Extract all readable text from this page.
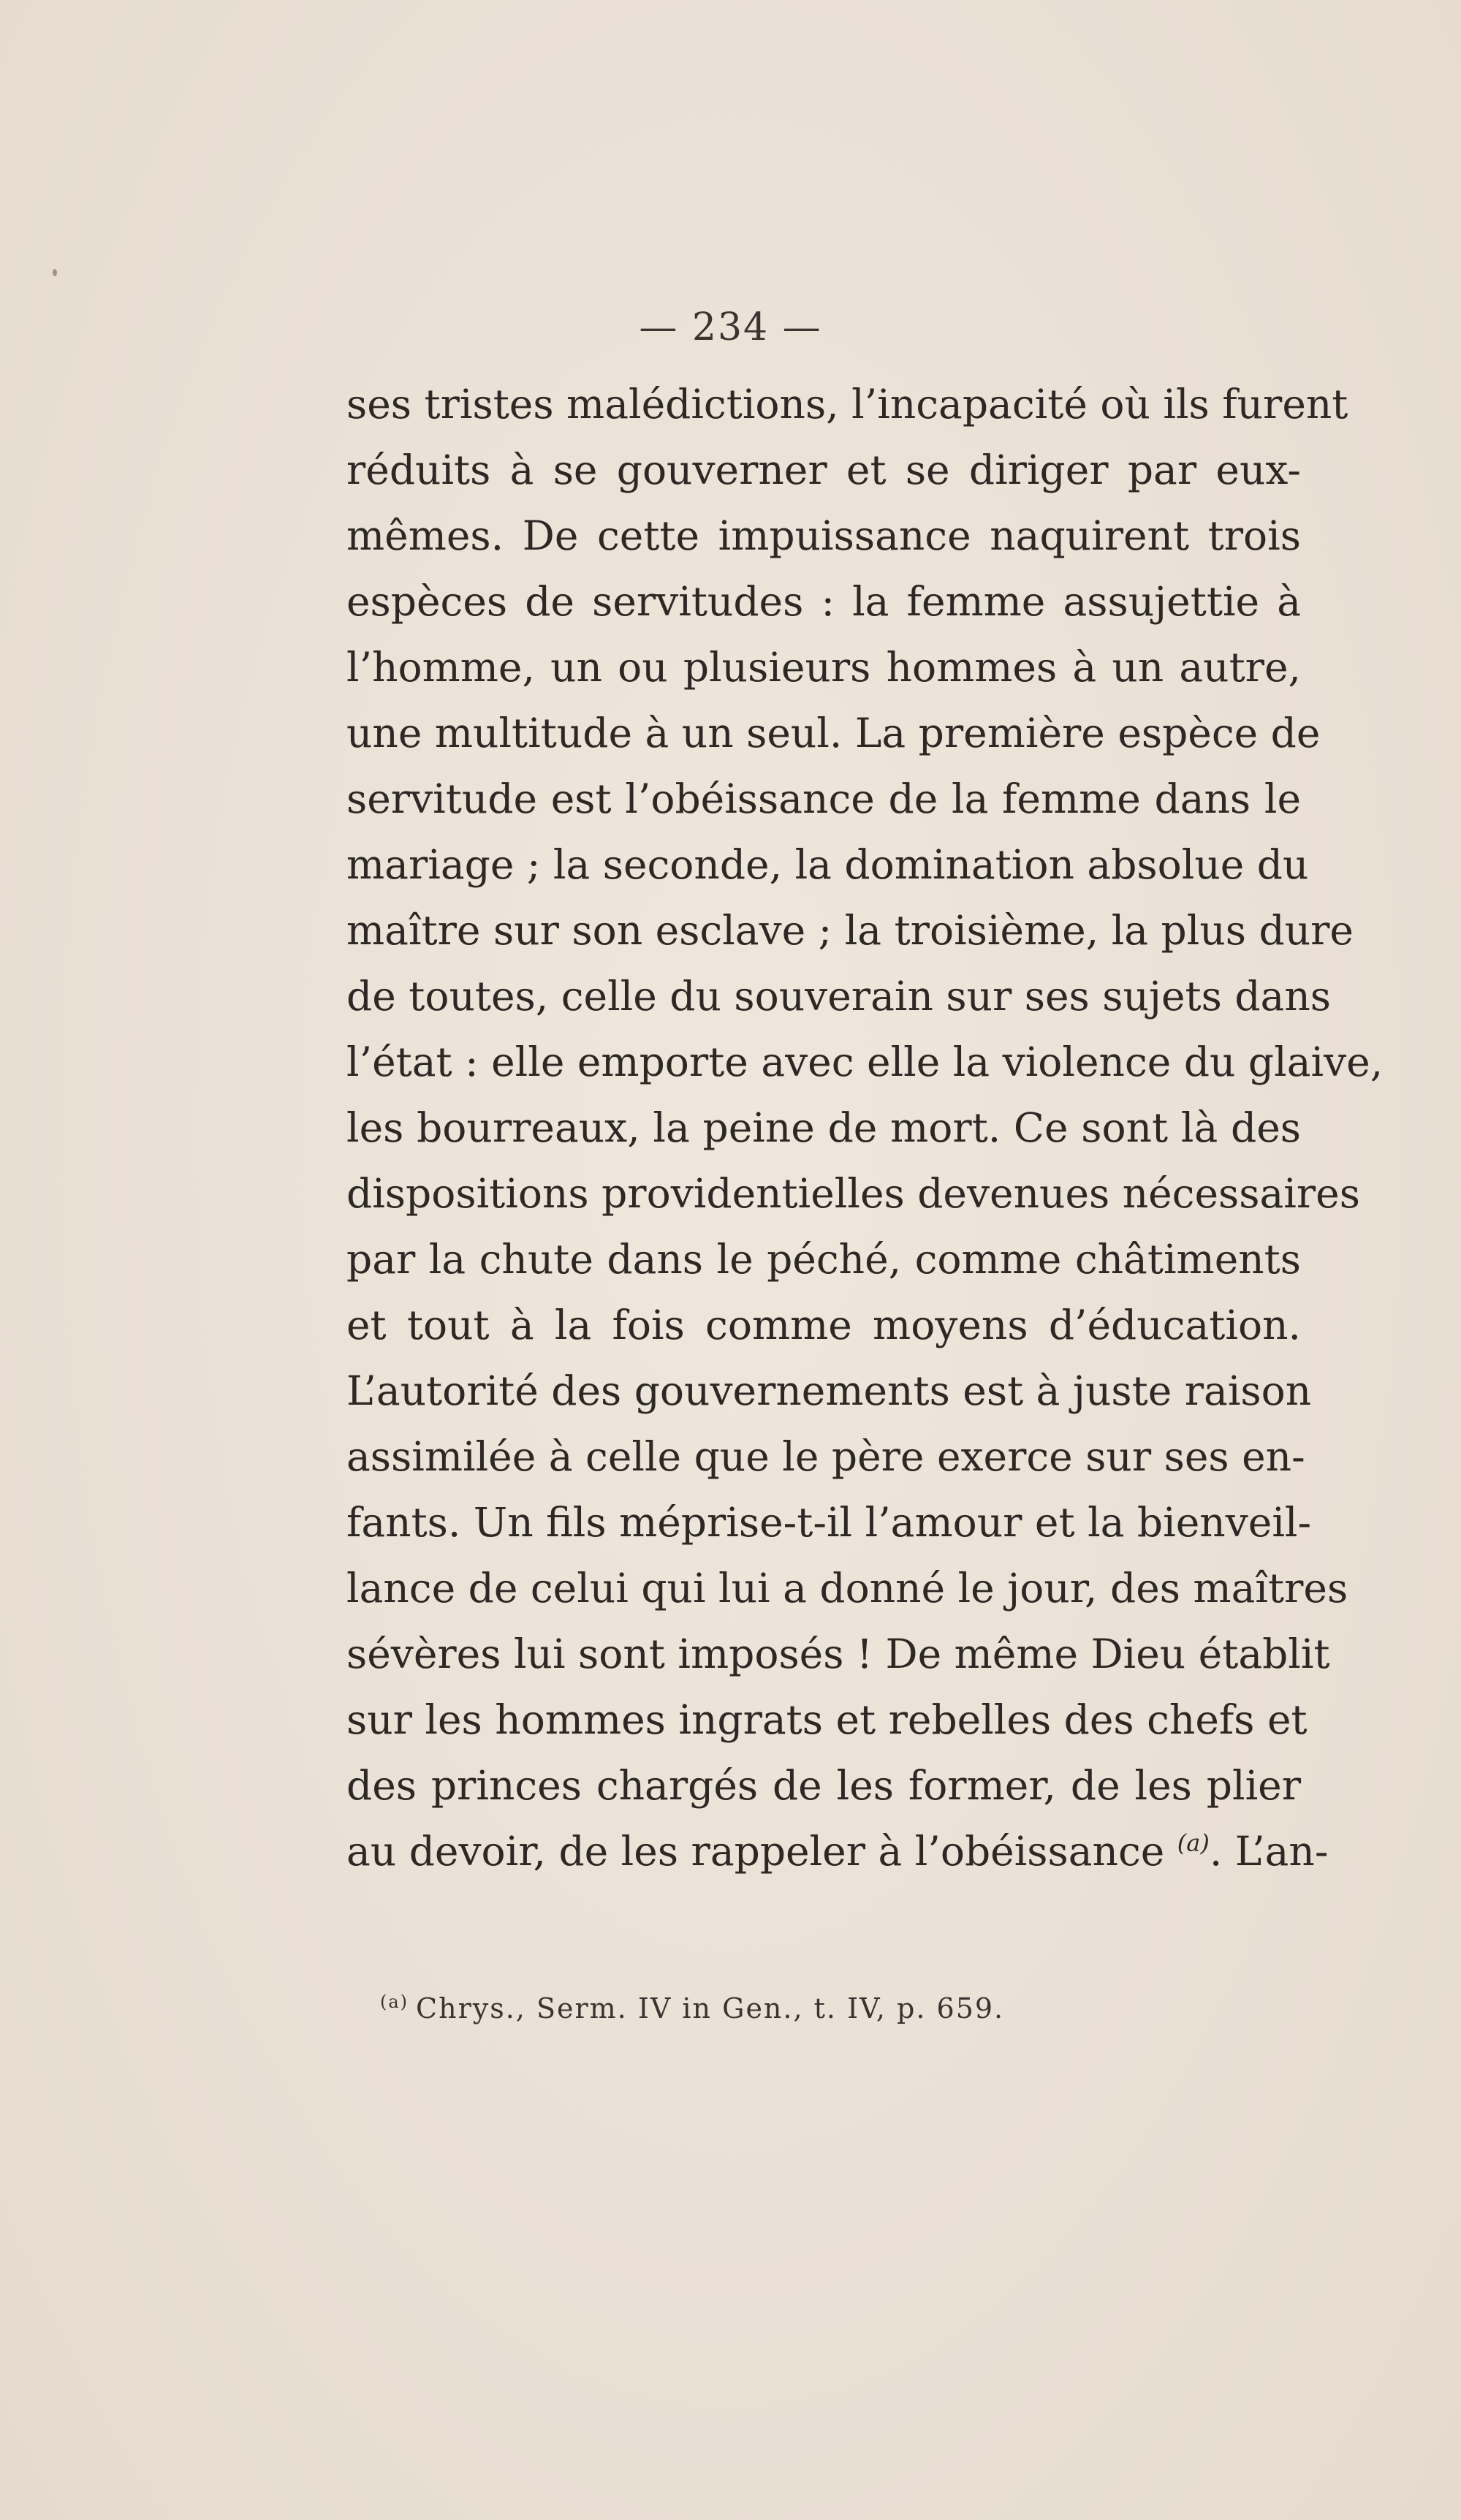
— 234 —
ses tristes malédictions, l’incapacité où ils furent
réduits à se gouverner et se diriger par eux-
mêmes. De cette impuissance naquirent trois
espèces de servitudes : la femme assujettie à
l’homme, un ou plusieurs hommes à un autre,
une multitude à un seul. La première espèce de
servitude est l’obéissance de la femme dans le
mariage ; la seconde, la domination absolue du
maître sur son esclave ; la troisième, la plus dure
de toutes, celle du souverain sur ses sujets dans
l’état : elle emporte avec elle la violence du glaive,
les bourreaux, la peine de mort. Ce sont là des
dispositions providentielles devenues nécessaires
par la chute dans le péché, comme châtiments
et tout à la fois comme moyens d’éducation.
L’autorité des gouvernements est à juste raison
assimilée à celle que le père exerce sur ses en-
fants. Un fils méprise-t-il l’amour et la bienveil-
lance de celui qui lui a donné le jour, des maîtres
sévères lui sont imposés ! De même Dieu établit
sur les hommes ingrats et rebelles des chefs et
des princes chargés de les former, de les plier
au devoir, de les rappeler à l’obéissance $^{(a)}$. L’an-
$^{(a)}$ Chrys., Serm. IV in Gen., t. IV, p. 659.
